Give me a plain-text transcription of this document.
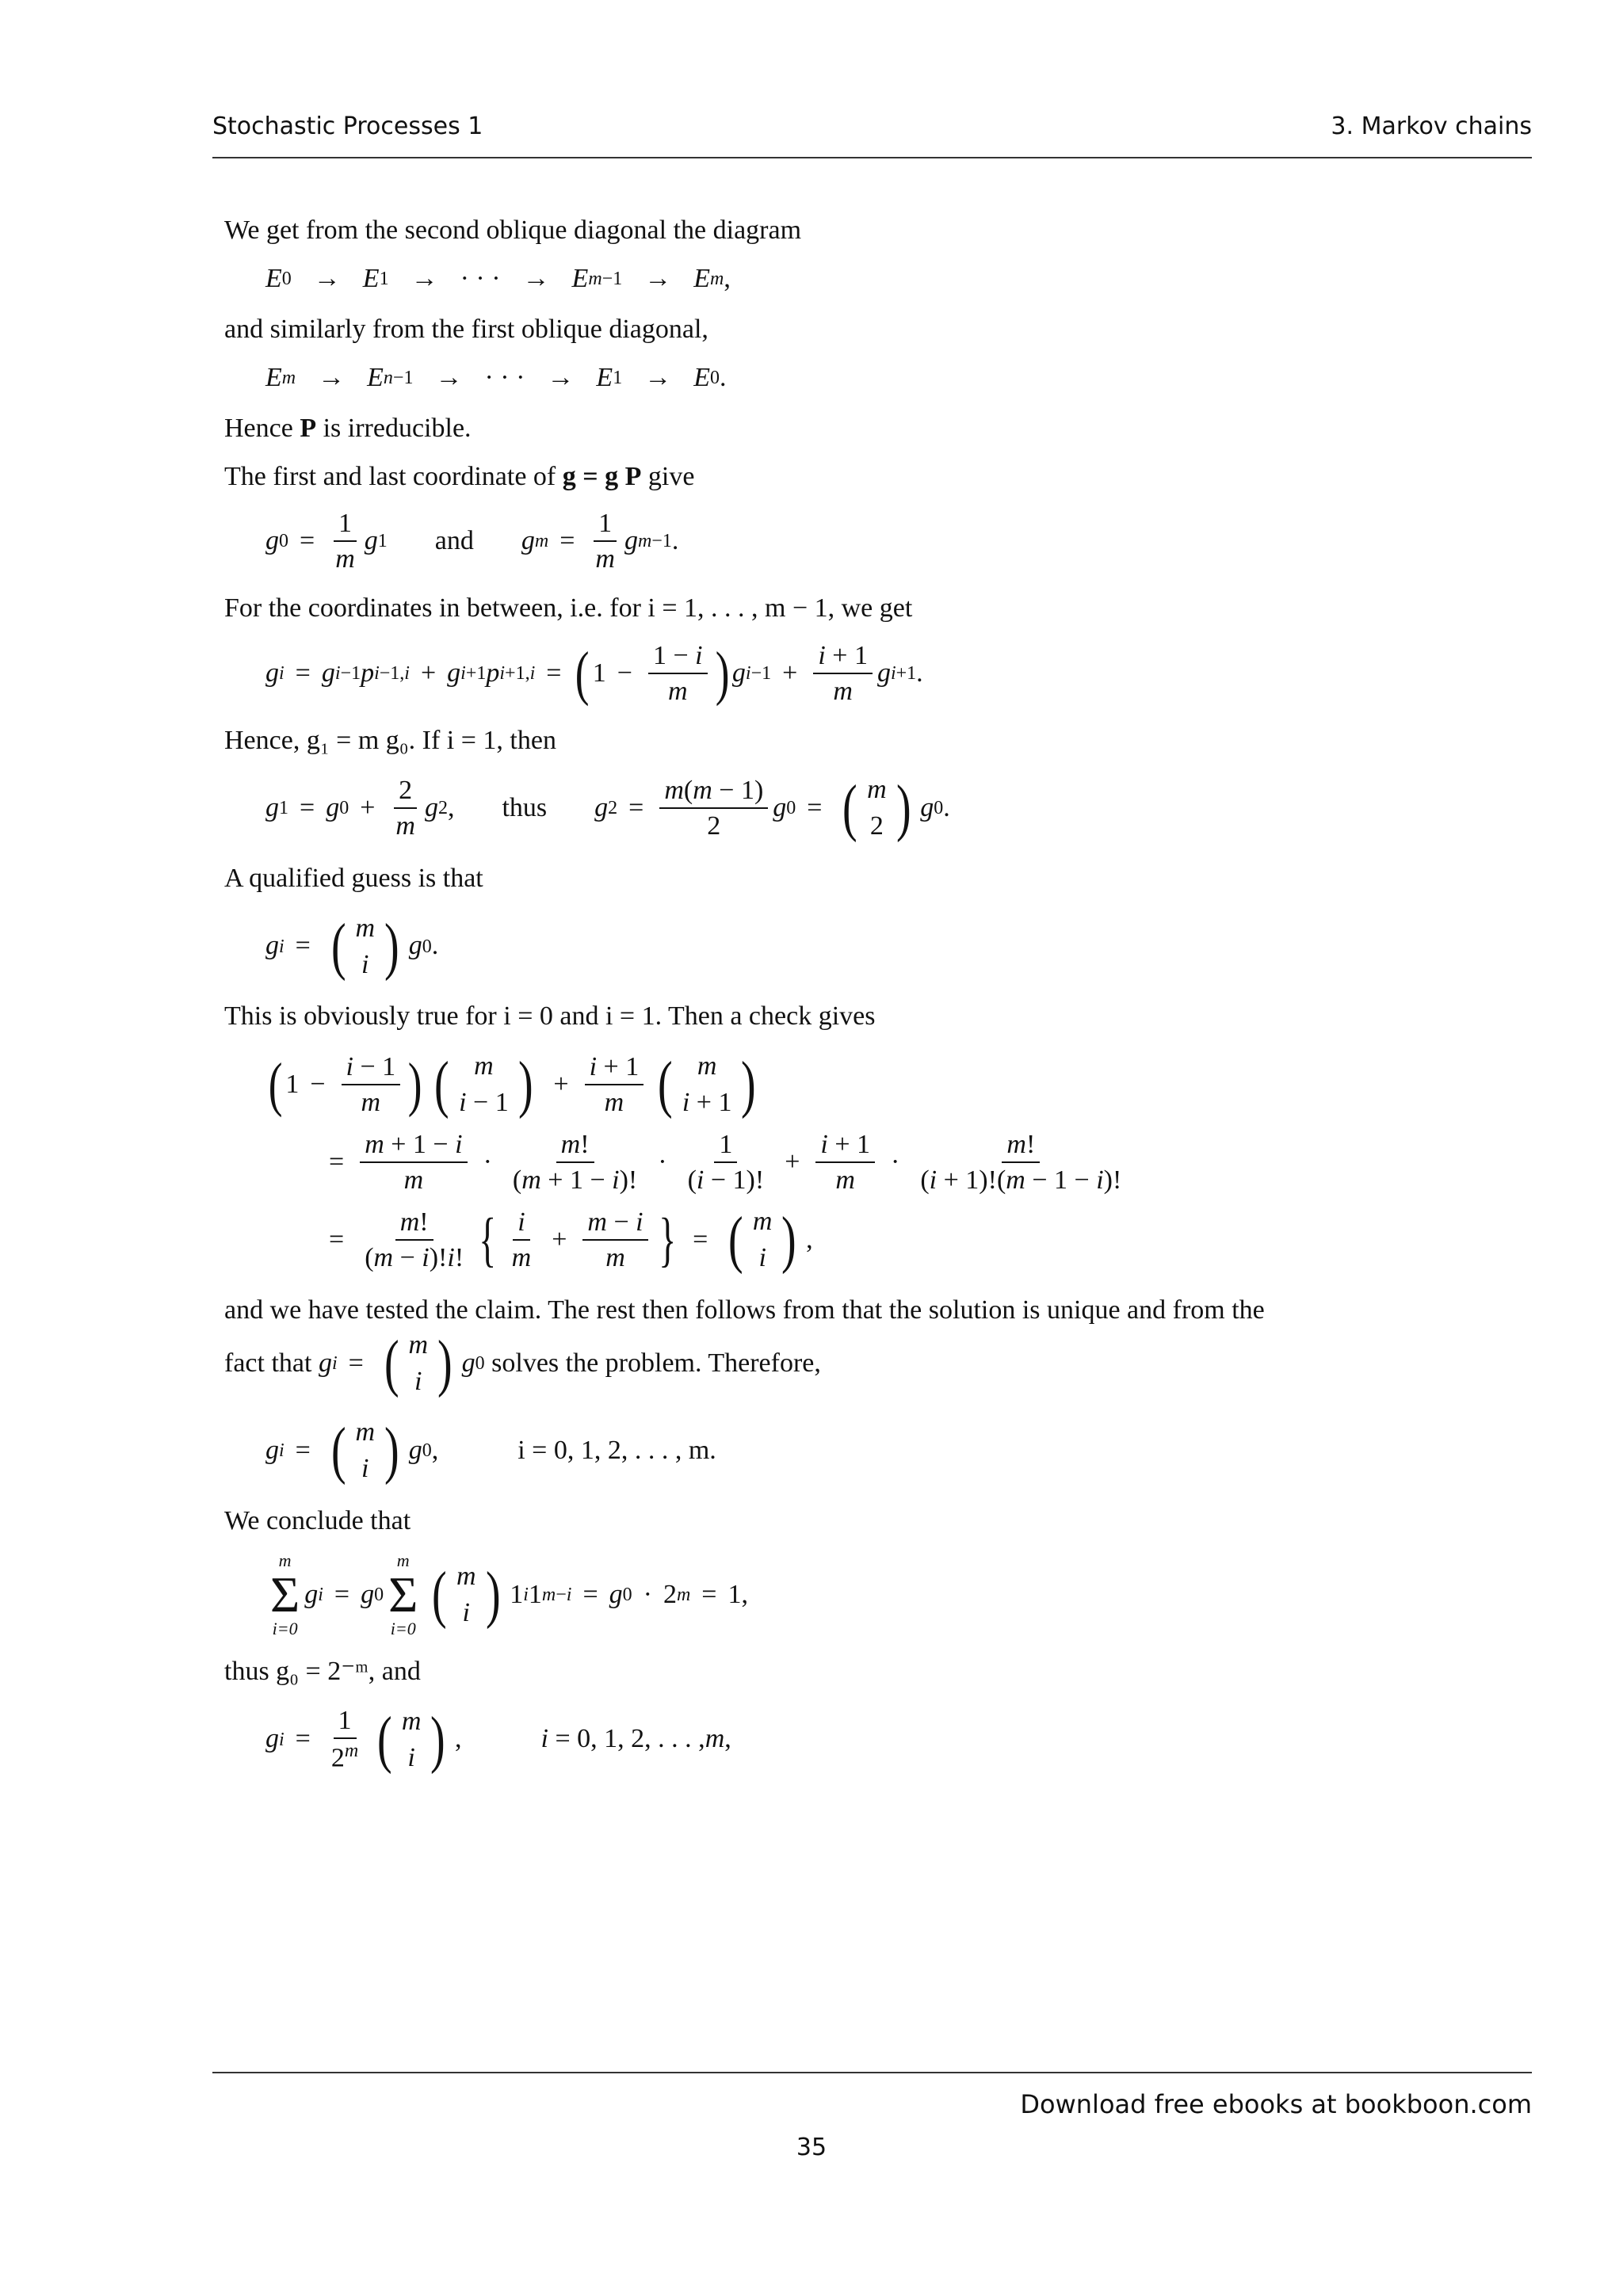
Stochastic Processes 1	3. Markov chains

We get from the second oblique diagonal the diagram

E 0 → E 1 → · · · → E m−1 → E m ,

and similarly from the first oblique diagonal,

E m → E n−1 → · · · → E 1 → E 0 .

Hence P is irreducible.

The first and last coordinate of g = g P give

g $0 = \frac{1}{m}$ g 1 and g $m = \frac{1}{m}$ g m−1 .

For the coordinates in between, i.e. for i = 1, . . . , m − 1, we get

g i = g i−1 p i−1,i + g i+1 p i+1,i = ( $1 - \frac{1 - i}{m}$ ) g $i-1 + \frac{i + 1}{m}$ g i+1 .

Hence, g₁ = m g₀. If i = 1, then

g 1 = g $0 + \frac{2}{m}$ g 2 , thus g $2 = \frac{m(m - 1)}{2}$ g 0 = ( m
2 ) g 0 .

A qualified guess is that

g i = ( m
i ) g 0 .

This is obviously true for i = 0 and i = 1. Then a check gives

( $1 - \frac{i - 1}{m}$ ) ( m
i − 1 ) + $\frac{i + 1}{m}$ ( m
i + 1 )
= $\frac{m + 1 - i}{m} \cdot \frac{m!}{(m + 1 - i)!} \cdot \frac{1}{(i - 1)!} + \frac{i + 1}{m} \cdot \frac{m!}{(i + 1)!(m - 1 - i)!}$
= $\frac{m!}{(m - i)!i!}$ { $\frac{i}{m} + \frac{m - i}{m}$ } = ( m
i ) ,

and we have tested the claim. The rest then follows from that the solution is unique and from the

fact that
g i = ( m
i ) g 0
solves the problem. Therefore,

g i = ( m
i ) g 0 ,	i = 0, 1, 2, . . . , m.

We conclude that

m
Σ
i=0
g i = g 0
m
Σ
i=0 ( m
i ) 1 i 1 m−i = g 0 · 2 m = 1,

thus g₀ = 2⁻ᵐ, and

g $i = \frac{1}{2^m}$ ( m
i ) ,	i = 0, 1, 2, . . . , m ,
Download free ebooks at bookboon.com
35
